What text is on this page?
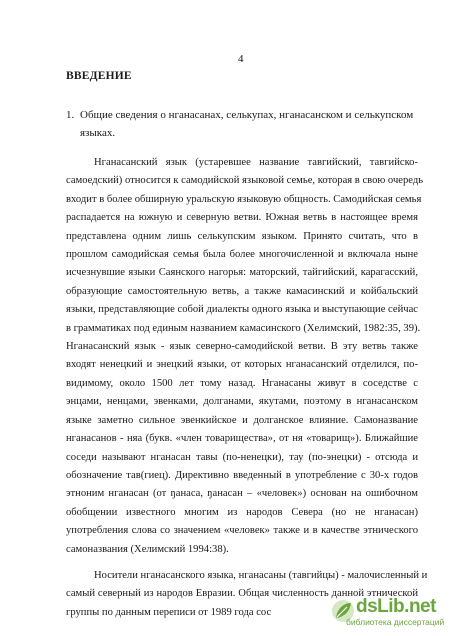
4
ВВЕДЕНИЕ
1. Общие сведения о нганасанах, селькупах, нганасанском и селькупском
языках.
Нганасанский язык (устаревшее название тавгийский, тавгийско-
самоедский) относится к самодийской языковой семье, которая в свою очередь
входит в более обширную уральскую языковую общность. Самодийская семья
распадается на южную и северную ветви. Южная ветвь в настоящее время
представлена одним лишь селькупским языком. Принято считать, что в
прошлом самодийская семья была более многочисленной и включала ныне
исчезнувшие языки Саянского нагорья: маторский, тайгийский, карагасский,
образующие самостоятельную ветвь, а также камасинский и койбальский
языки, представляющие собой диалекты одного языка и выступающие сейчас
в грамматиках под единым названием камасинского (Хелимский, 1982:35, 39).
Нганасанский язык - язык северно-самодийской ветви. В эту ветвь также
входят ненецкий и энецкий языки, от которых нганасанский отделился, по-
видимому, около 1500 лет тому назад. Нганасаны живут в соседстве с
энцами, ненцами, эвенками, долганами, якутами, поэтому в нганасанском
языке заметно сильное эвенкийское и долганское влияние. Самоназвание
нганасанов - няа (букв. «член товарищества», от ня «товарищ»). Ближайшие
соседи называют нганасан тавы (по-ненецки), тау (по-энецки) - отсюда и
обозначение тав(гиец). Директивно введенный в употребление с 30-х годов
этноним нганасан (от ŋанаса, ŋанасан – «человек») основан на ошибочном
обобщении известного многим из народов Севера (но не нганасан)
употребления слова со значением «человек» также и в качестве этнического
самоназвания (Хелимский 1994:38).
Носители нганасанского языка, нганасаны (тавгийцы) - малочисленный и
самый северный из народов Евразии. Общая численность данной этнической
группы по данным переписи от 1989 года сос	dsLib.net
библиотека диссертаций
